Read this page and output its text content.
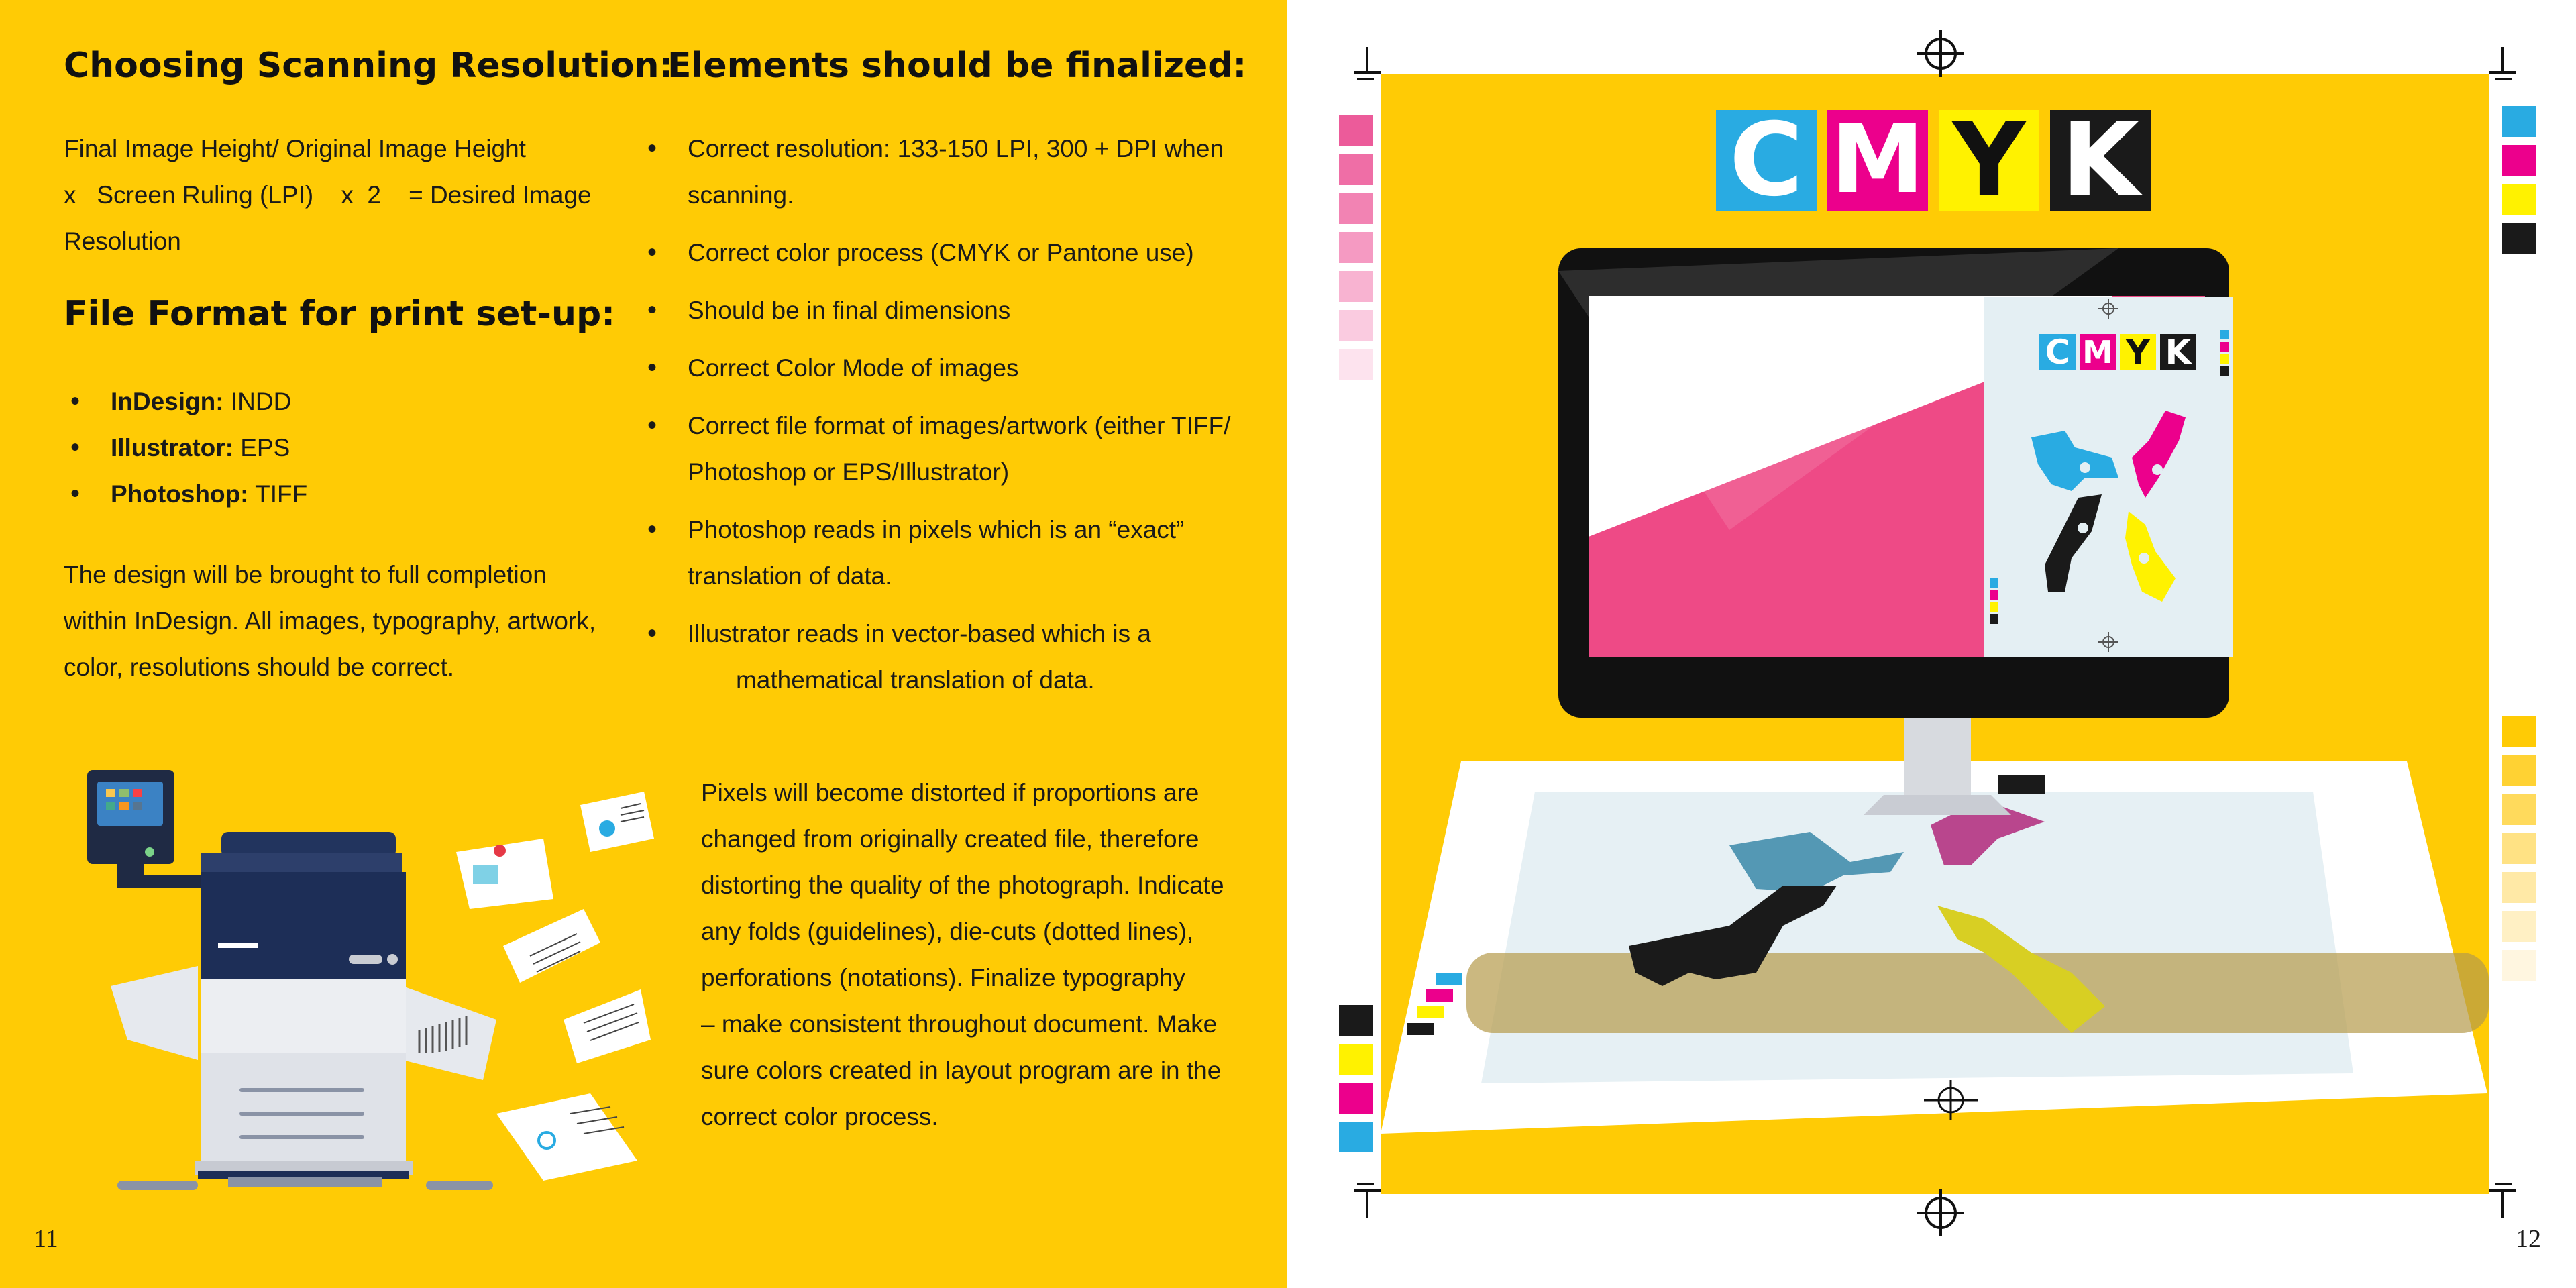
Choosing Scanning Resolution:
Final Image Height/ Original Image Height
x   Screen Ruling (LPI)    x  2    = Desired Image
Resolution
File Format for print set-up:
• InDesign: INDD
• Illustrator: EPS
• Photoshop: TIFF
The design will be brought to full completion
within InDesign. All images, typography, artwork,
color, resolutions should be correct.
Elements should be finalized:
• Correct resolution: 133-150 LPI, 300 + DPI when
scanning.
• Correct color process (CMYK or Pantone use)
• Should be in final dimensions
• Correct Color Mode of images
• Correct file format of images/artwork (either TIFF/
Photoshop or EPS/Illustrator)
• Photoshop reads in pixels which is an “exact”
translation of data.
• Illustrator reads in vector-based which is a
mathematical translation of data.
Pixels will become distorted if proportions are
changed from originally created file, therefore
distorting the quality of the photograph. Indicate
any folds (guidelines), die-cuts (dotted lines),
perforations (notations). Finalize typography
– make consistent throughout document. Make
sure colors created in layout program are in the
correct color process.
11
C M Y K
C M Y K
12
